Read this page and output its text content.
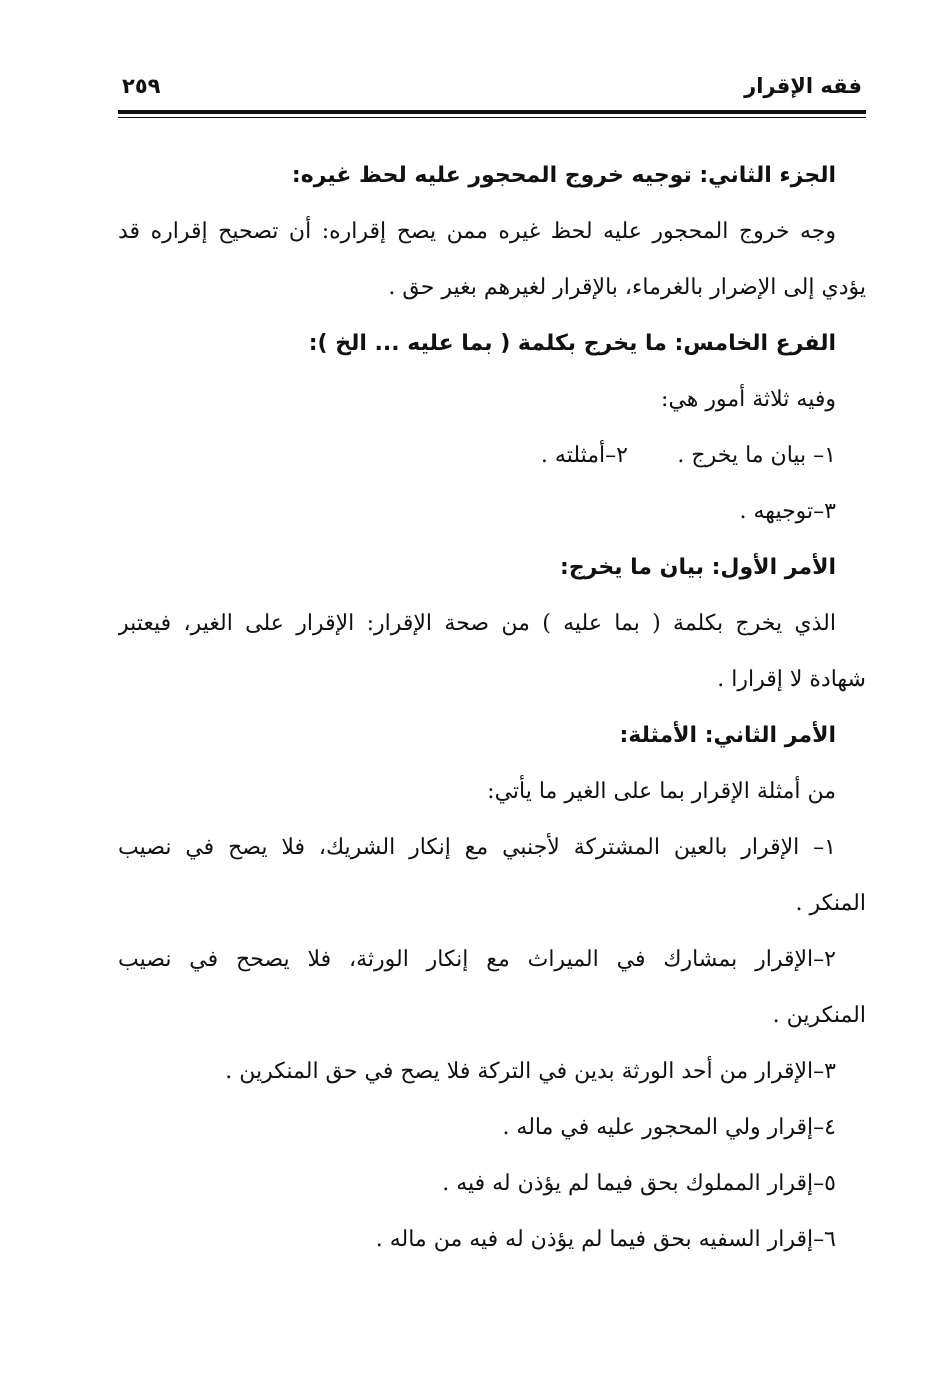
فقه الإقرار
٢٥٩
الجزء الثاني: توجيه خروج المحجور عليه لحظ غيره:
وجه خروج المحجور عليه لحظ غيره ممن يصح إقراره: أن تصحيح إقراره قد
يؤدي إلى الإضرار بالغرماء، بالإقرار لغيرهم بغير حق .
الفرع الخامس: ما يخرج بكلمة ( بما عليه ... الخ ):
وفيه ثلاثة أمور هي:
١– بيان ما يخرج .
٢–أمثلته .
٣–توجيهه .
الأمر الأول: بيان ما يخرج:
الذي يخرج بكلمة ( بما عليه ) من صحة الإقرار: الإقرار على الغير، فيعتبر
شهادة لا إقرارا .
الأمر الثاني: الأمثلة:
من أمثلة الإقرار بما على الغير ما يأتي:
١– الإقرار بالعين المشتركة لأجنبي مع إنكار الشريك، فلا يصح في نصيب
المنكر .
٢–الإقرار بمشارك في الميراث مع إنكار الورثة، فلا يصحح في نصيب
المنكرين .
٣–الإقرار من أحد الورثة بدين في التركة فلا يصح في حق المنكرين .
٤–إقرار ولي المحجور عليه في ماله .
٥–إقرار المملوك بحق فيما لم يؤذن له فيه .
٦–إقرار السفيه بحق فيما لم يؤذن له فيه من ماله .
